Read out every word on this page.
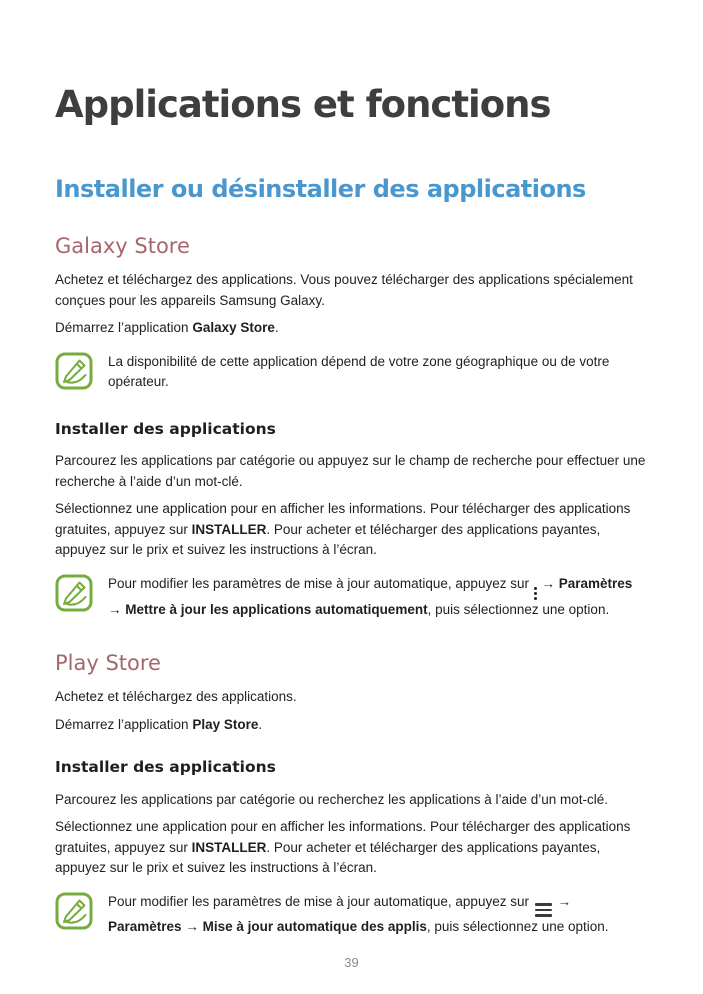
Applications et fonctions
Installer ou désinstaller des applications
Galaxy Store

Achetez et téléchargez des applications. Vous pouvez télécharger des applications spécialement conçues pour les appareils Samsung Galaxy.

Démarrez l’application Galaxy Store.

La disponibilité de cette application dépend de votre zone géographique ou de votre opérateur.
Installer des applications

Parcourez les applications par catégorie ou appuyez sur le champ de recherche pour effectuer une recherche à l’aide d’un mot-clé.

Sélectionnez une application pour en afficher les informations. Pour télécharger des applications gratuites, appuyez sur INSTALLER. Pour acheter et télécharger des applications payantes, appuyez sur le prix et suivez les instructions à l’écran.

Pour modifier les paramètres de mise à jour automatique, appuyez sur
→ Paramètres → Mettre à jour les applications automatiquement, puis sélectionnez une option.
Play Store

Achetez et téléchargez des applications.

Démarrez l’application Play Store.

Installer des applications

Parcourez les applications par catégorie ou recherchez les applications à l’aide d’un mot-clé.

Sélectionnez une application pour en afficher les informations. Pour télécharger des applications gratuites, appuyez sur INSTALLER. Pour acheter et télécharger des applications payantes, appuyez sur le prix et suivez les instructions à l’écran.

Pour modifier les paramètres de mise à jour automatique, appuyez sur
→ Paramètres → Mise à jour automatique des applis, puis sélectionnez une option.
39
